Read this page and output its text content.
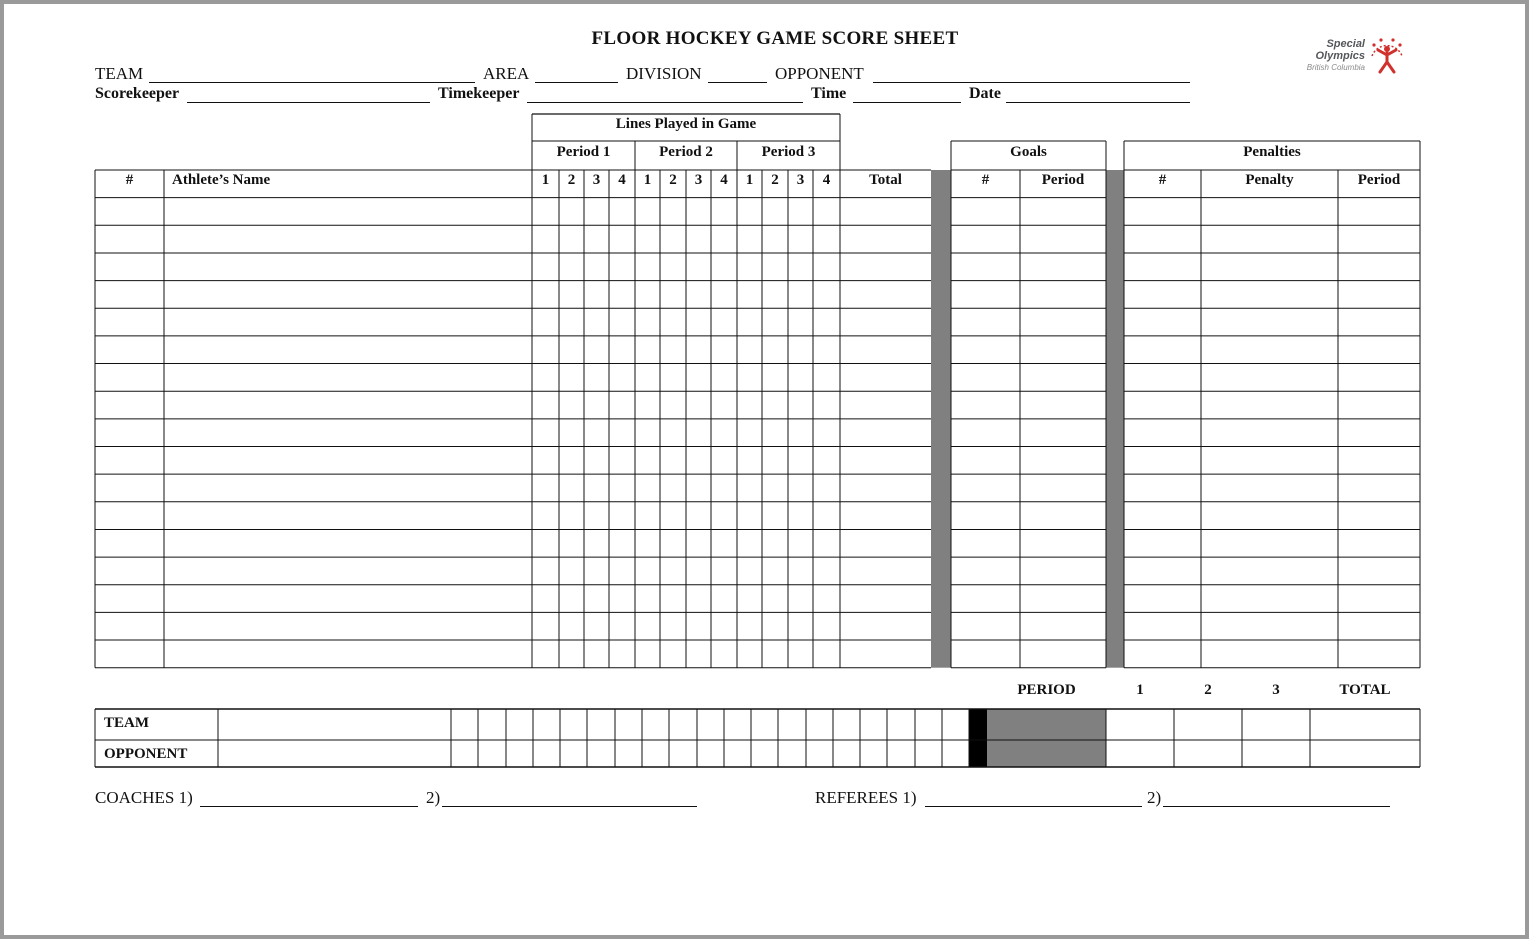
FLOOR HOCKEY GAME SCORE SHEET	Special
Olympics
British Columbia
TEAM	AREA	DIVISION	OPPONENT
Scorekeeper	Timekeeper	Time	Date
Lines Played in Game
Period 1	Period 2	Period 3	Goals	Penalties
#	Athlete’s Name	1	2	3	4	1	2	3	4	1	2	3	4	Total	#	Period	#	Penalty	Period
PERIOD	1	2	3	TOTAL
TEAM
OPPONENT
COACHES 1)	2)	REFEREES 1)	2)
